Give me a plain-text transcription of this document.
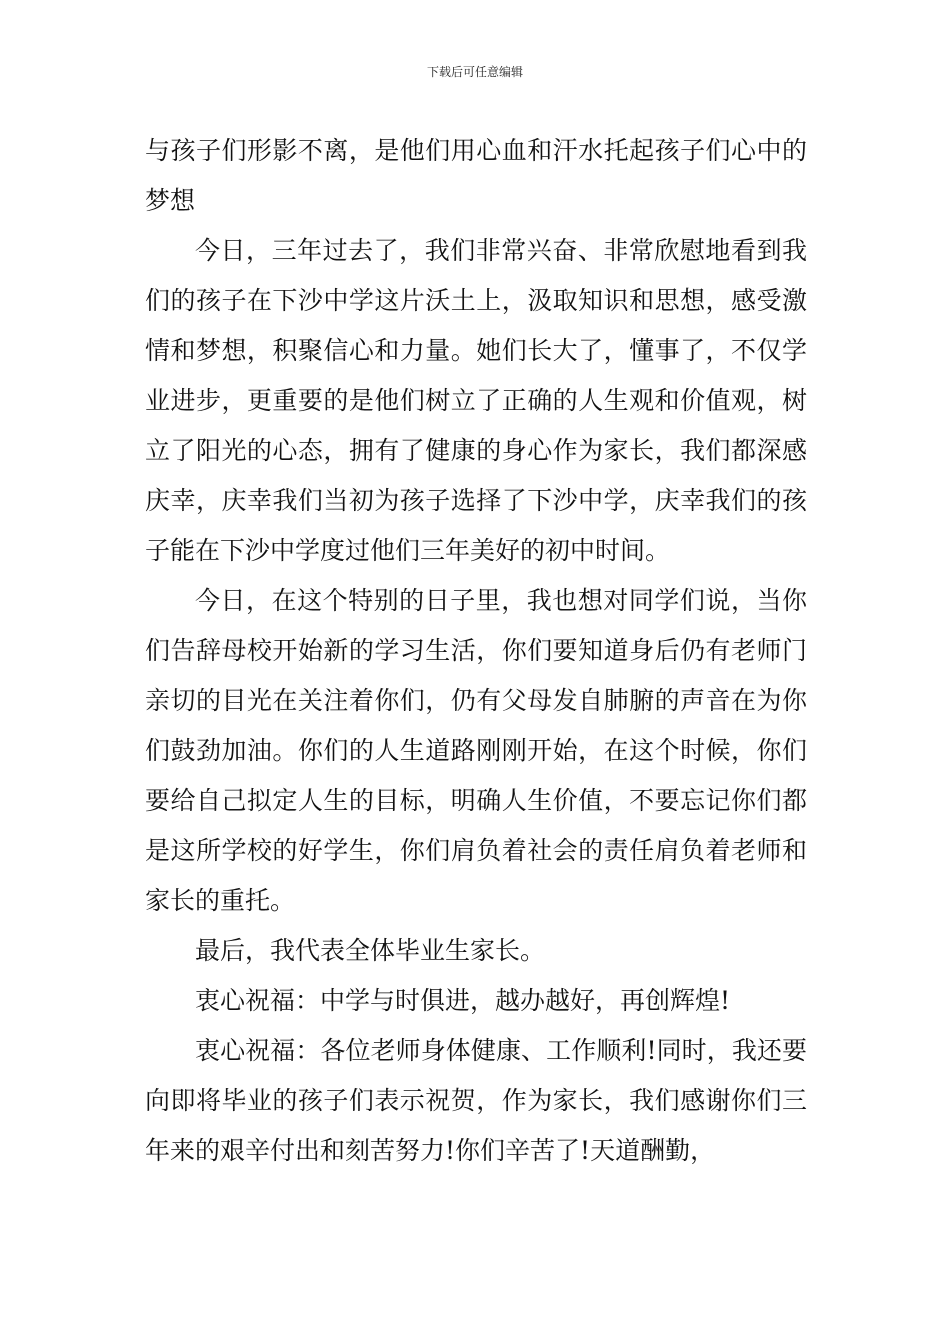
下载后可任意编辑

与孩子们形影不离，是他们用心血和汗水托起孩子们心中的梦想

今日，三年过去了，我们非常兴奋、非常欣慰地看到我们的孩子在下沙中学这片沃土上，汲取知识和思想，感受激情和梦想，积聚信心和力量。她们长大了，懂事了，不仅学业进步，更重要的是他们树立了正确的人生观和价值观，树立了阳光的心态，拥有了健康的身心作为家长，我们都深感庆幸，庆幸我们当初为孩子选择了下沙中学，庆幸我们的孩子能在下沙中学度过他们三年美好的初中时间。

今日，在这个特别的日子里，我也想对同学们说，当你们告辞母校开始新的学习生活，你们要知道身后仍有老师门亲切的目光在关注着你们，仍有父母发自肺腑的声音在为你们鼓劲加油。你们的人生道路刚刚开始，在这个时候，你们要给自己拟定人生的目标，明确人生价值，不要忘记你们都是这所学校的好学生，你们肩负着社会的责任肩负着老师和家长的重托。

最后，我代表全体毕业生家长。

衷心祝福：中学与时俱进，越办越好，再创辉煌!

衷心祝福：各位老师身体健康、工作顺利!同时，我还要向即将毕业的孩子们表示祝贺，作为家长，我们感谢你们三年来的艰辛付出和刻苦努力!你们辛苦了!天道酬勤，
